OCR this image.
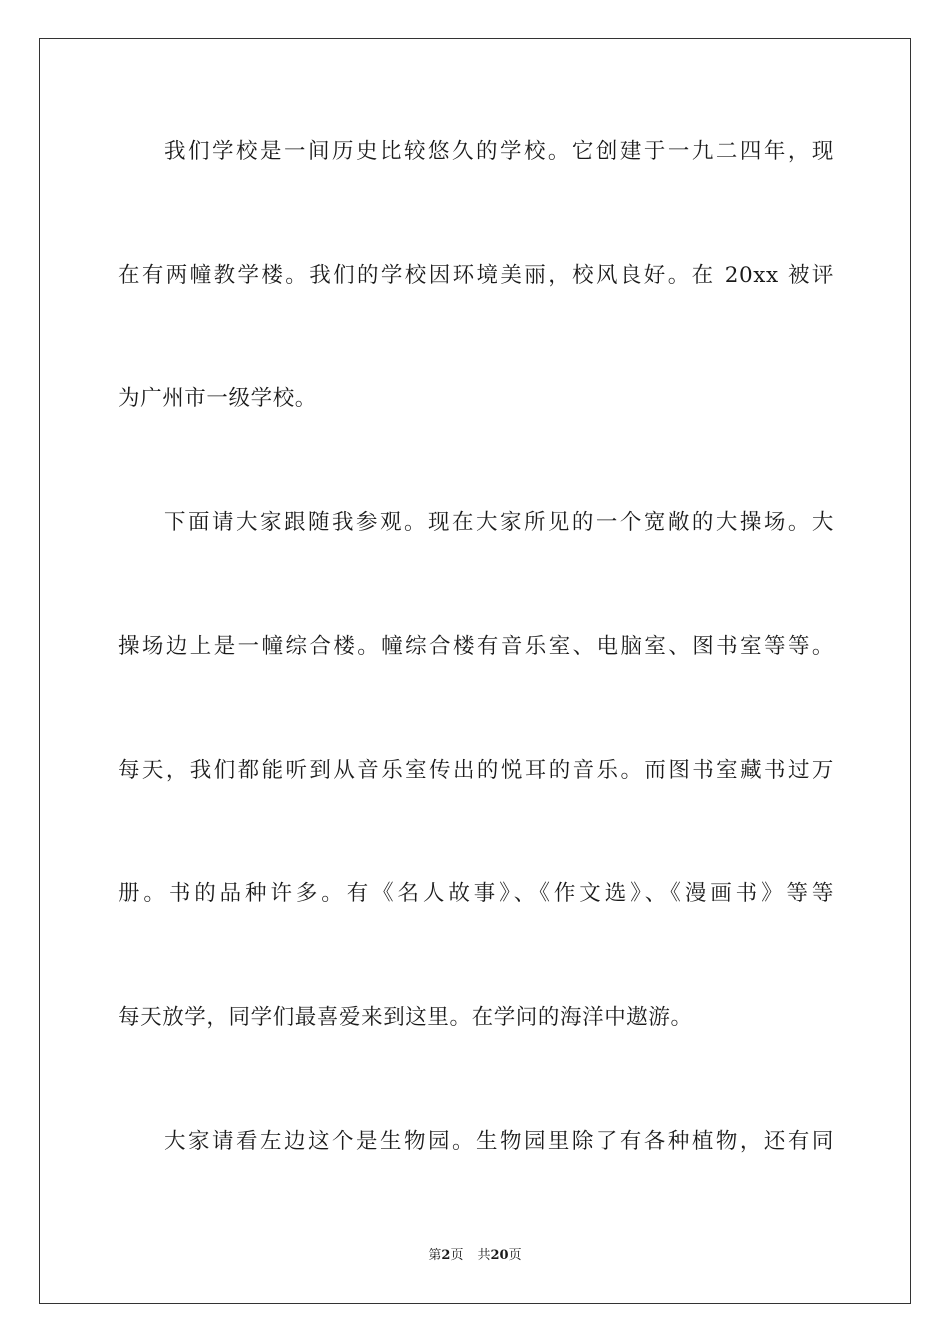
我们学校是一间历史比较悠久的学校。它创建于一九二四年，现
在有两幢教学楼。我们的学校因环境美丽，校风良好。在 20xx 被评
为广州市一级学校。
下面请大家跟随我参观。现在大家所见的一个宽敞的大操场。大
操场边上是一幢综合楼。幢综合楼有音乐室、电脑室、图书室等等。
每天，我们都能听到从音乐室传出的悦耳的音乐。而图书室藏书过万
册。书的品种许多。有《名人故事》、《作文选》、《漫画书》等等
每天放学，同学们最喜爱来到这里。在学问的海洋中遨游。
大家请看左边这个是生物园。生物园里除了有各种植物，还有同
第2页 共20页
